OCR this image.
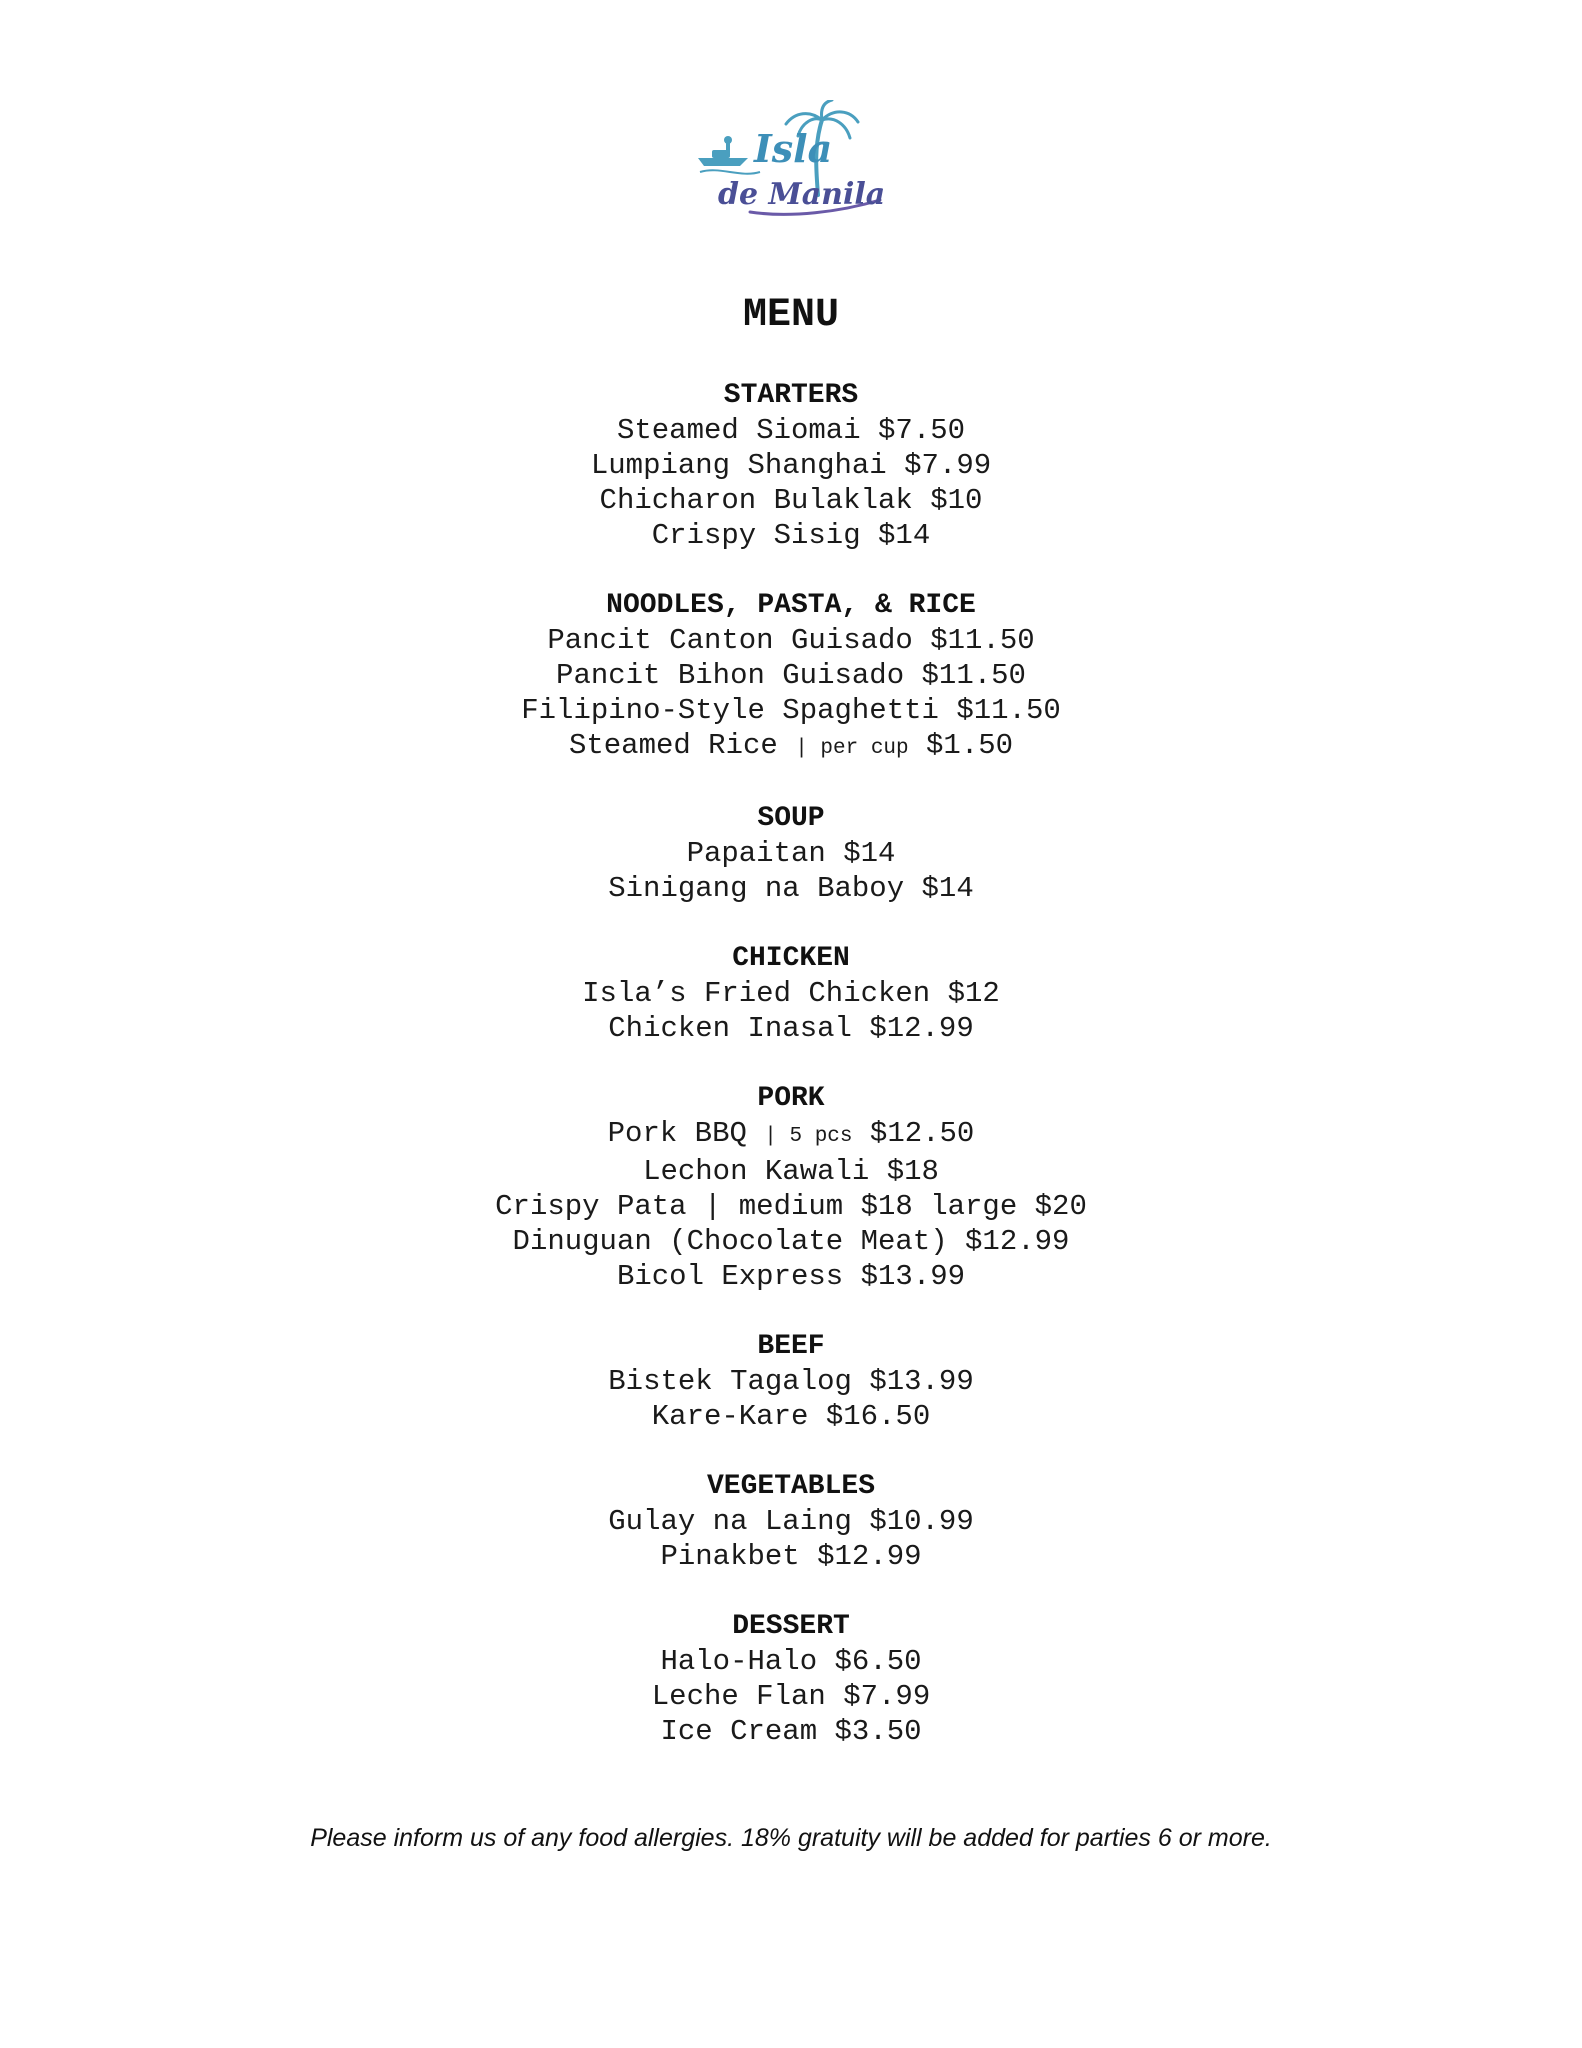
Isla
de Manila
MENU
STARTERS
Steamed Siomai $7.50
Lumpiang Shanghai $7.99
Chicharon Bulaklak $10
Crispy Sisig $14
NOODLES, PASTA, & RICE
Pancit Canton Guisado $11.50
Pancit Bihon Guisado $11.50
Filipino-Style Spaghetti $11.50
Steamed Rice | per cup $1.50
SOUP
Papaitan $14
Sinigang na Baboy $14
CHICKEN
Isla’s Fried Chicken $12
Chicken Inasal $12.99
PORK
Pork BBQ | 5 pcs $12.50
Lechon Kawali $18
Crispy Pata | medium $18 large $20
Dinuguan (Chocolate Meat) $12.99
Bicol Express $13.99
BEEF
Bistek Tagalog $13.99
Kare-Kare $16.50
VEGETABLES
Gulay na Laing $10.99
Pinakbet $12.99
DESSERT
Halo-Halo $6.50
Leche Flan $7.99
Ice Cream $3.50
Please inform us of any food allergies. 18% gratuity will be added for parties 6 or more.
